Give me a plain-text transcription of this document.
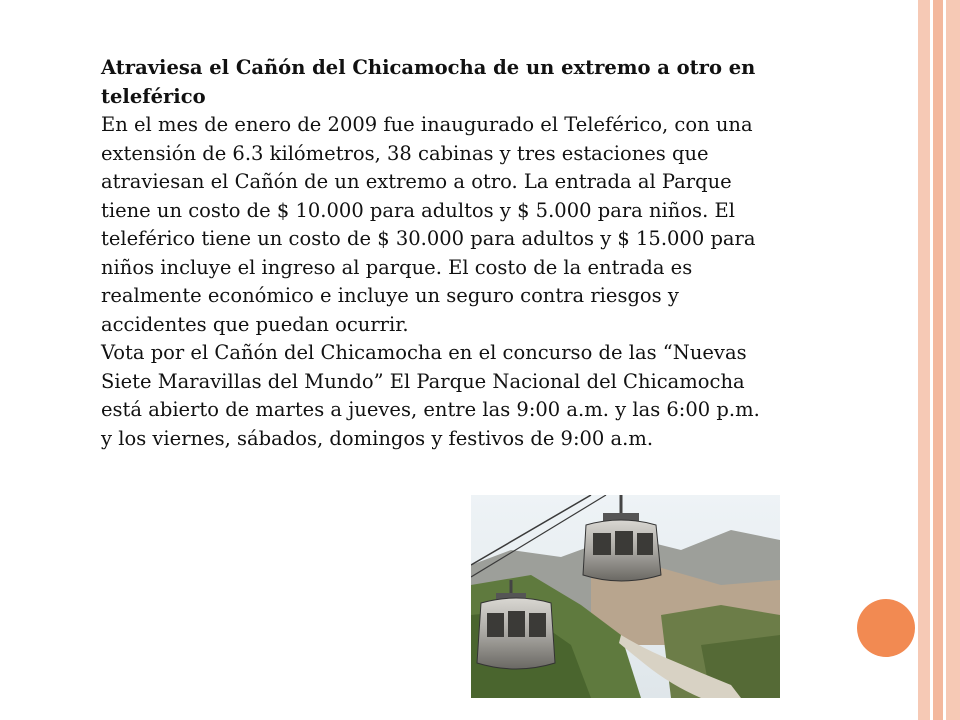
Atraviesa el Cañón del Chicamocha de un extremo a otro en teleférico
En el mes de enero de 2009 fue inaugurado el Teleférico, con una extensión de 6.3 kilómetros, 38 cabinas y tres estaciones que atraviesan el Cañón de un extremo a otro. La entrada al Parque tiene un costo de $ 10.000 para adultos y $ 5.000 para niños. El teleférico tiene un costo de $ 30.000 para adultos y $ 15.000 para niños incluye el ingreso al parque. El costo de la entrada es realmente económico e incluye un seguro contra riesgos y accidentes que puedan ocurrir.
Vota por el Cañón del Chicamocha en el concurso de las “Nuevas Siete Maravillas del Mundo” El Parque Nacional del Chicamocha está abierto de martes a jueves, entre las 9:00 a.m. y las 6:00 p.m. y los viernes, sábados, domingos y festivos de 9:00 a.m.
